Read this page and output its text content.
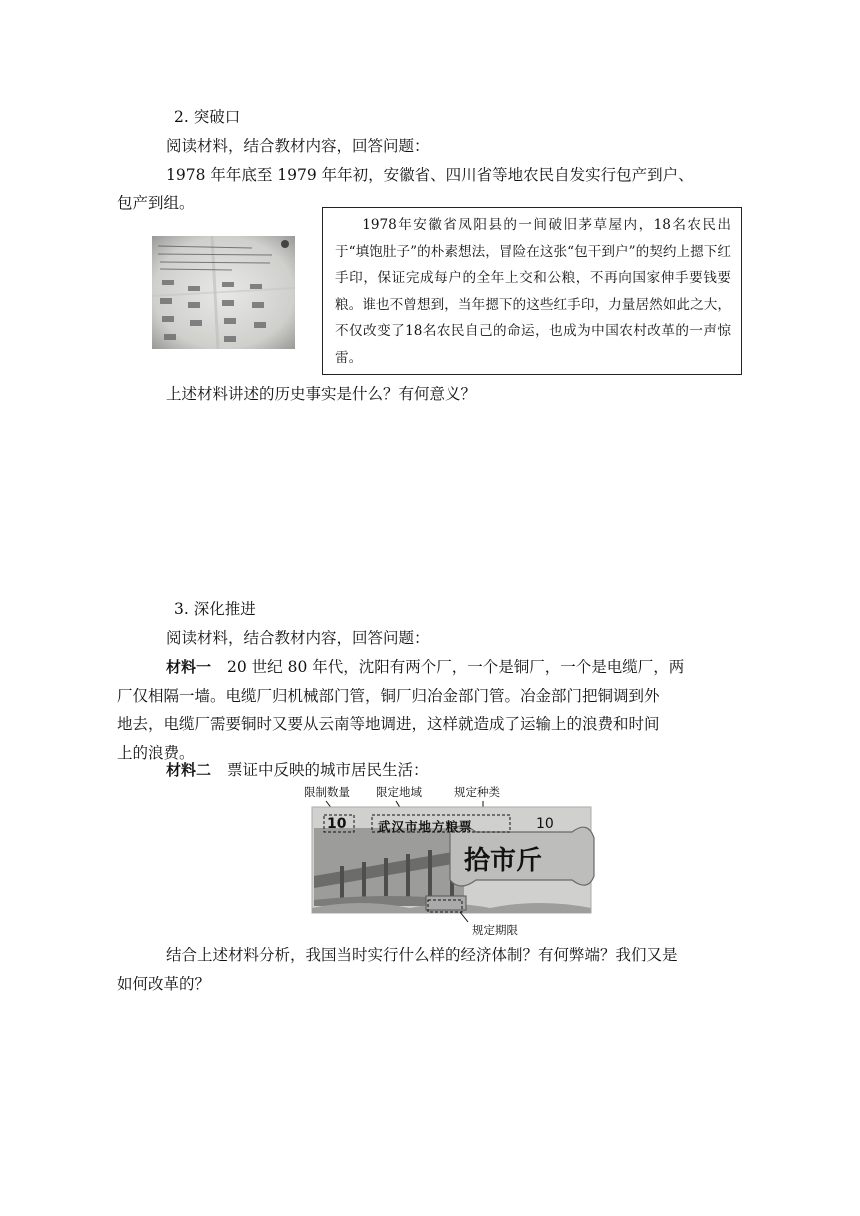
2. 突破口

阅读材料，结合教材内容，回答问题：

1978 年年底至 1979 年年初，安徽省、四川省等地农民自发实行包产到户、

包产到组。

1978年安徽省凤阳县的一间破旧茅草屋内，18名农民出于“填饱肚子”的朴素想法，冒险在这张“包干到户”的契约上摁下红手印，保证完成每户的全年上交和公粮，不再向国家伸手要钱要粮。谁也不曾想到，当年摁下的这些红手印，力量居然如此之大，不仅改变了18名农民自己的命运，也成为中国农村改革的一声惊雷。

上述材料讲述的历史事实是什么？有何意义？

3. 深化推进

阅读材料，结合教材内容，回答问题：

材料一 20 世纪 80 年代，沈阳有两个厂，一个是铜厂，一个是电缆厂，两

厂仅相隔一墙。电缆厂归机械部门管，铜厂归冶金部门管。冶金部门把铜调到外

地去，电缆厂需要铜时又要从云南等地调进，这样就造成了运输上的浪费和时间

上的浪费。

材料二 票证中反映的城市居民生活：

限制数量 限定地域	规定种类
10	武汉市地方粮票	10
拾市斤
规定期限

结合上述材料分析，我国当时实行什么样的经济体制？有何弊端？我们又是

如何改革的？
